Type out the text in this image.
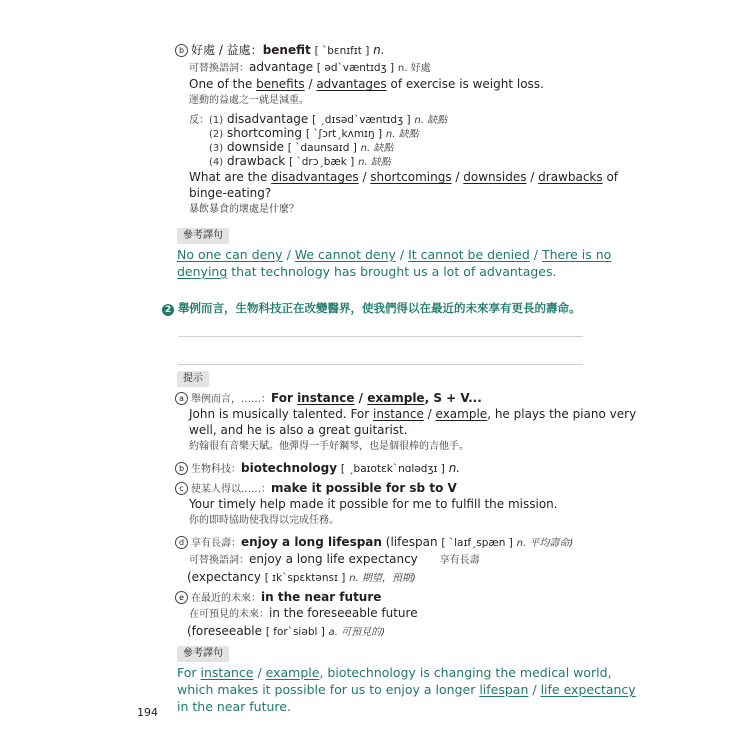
b 好處 / 益處：benefit [ ˋbɛnɪfɪt ] n.
可替換語詞：advantage [ ədˋvæntɪdʒ ] n. 好處
One of the benefits / advantages of exercise is weight loss.
運動的益處之一就是減重。
反：(1) disadvantage [ ˏdɪsədˋvæntɪdʒ ] n. 缺點
(2) shortcoming [ ˋʃɔrtˏkʌmɪŋ ] n. 缺點
(3) downside [ ˋdaunsaɪd ] n. 缺點
(4) drawback [ ˋdrɔˏbæk ] n. 缺點
What are the disadvantages / shortcomings / downsides / drawbacks of
binge-eating?
暴飲暴食的壞處是什麼？
參考譯句
No one can deny / We cannot deny / It cannot be denied / There is no
denying that technology has brought us a lot of advantages.
2 舉例而言，生物科技正在改變醫界，使我們得以在最近的未來享有更長的壽命。
提示
a 舉例而言，……：For instance / example, S + V...
John is musically talented. For instance / example, he plays the piano very
well, and he is also a great guitarist.
約翰很有音樂天賦。他彈得一手好鋼琴，也是個很棒的吉他手。
b 生物科技：biotechnology [ ˏbaɪotɛkˋnɑlədʒɪ ] n.
c 使某人得以……：make it possible for sb to V
Your timely help made it possible for me to fulfill the mission.
你的即時協助使我得以完成任務。
d 享有長壽：enjoy a long lifespan (lifespan [ ˋlaɪfˏspæn ] n. 平均壽命)
可替換語詞：enjoy a long life expectancy 享有長壽
(expectancy [ ɪkˋspɛktənsɪ ] n. 期望，預期)
e 在最近的未來：in the near future
在可預見的未來：in the foreseeable future
(foreseeable [ forˋsiəbl ] a. 可預見的)
參考譯句
For instance / example, biotechnology is changing the medical world,
which makes it possible for us to enjoy a longer lifespan / life expectancy
in the near future.
194
